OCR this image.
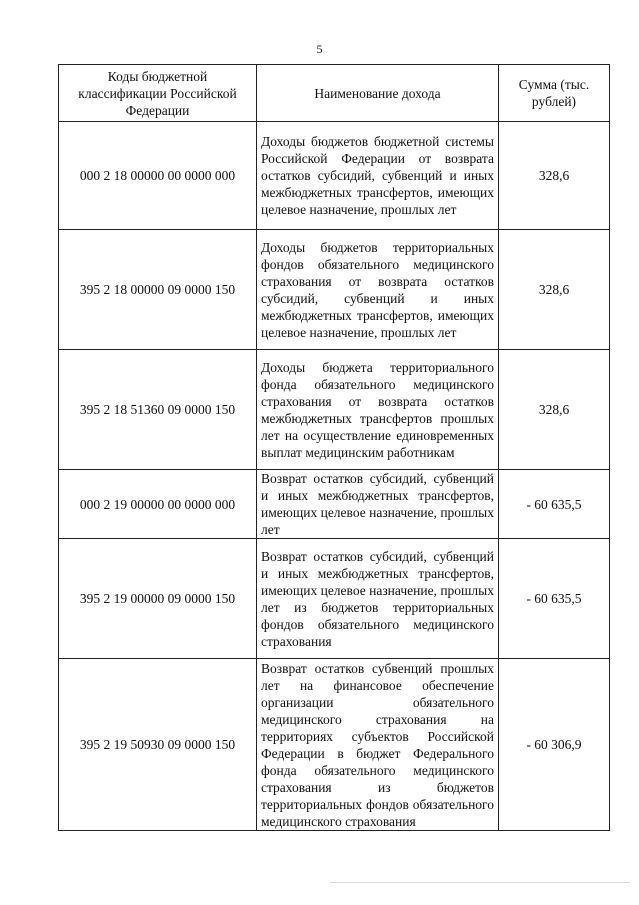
5
Коды бюджетной классификации Российской Федерации	Наименование дохода	Сумма (тыс. рублей)
000 2 18 00000 00 0000 000	Доходы бюджетов бюджетной системы Российской Федерации от возврата остатков субсидий, субвенций и иных межбюджетных трансфертов, имеющих целевое назначение, прошлых лет	328,6
395 2 18 00000 09 0000 150	Доходы бюджетов территориальных фондов обязательного медицинского страхования от возврата остатков субсидий, субвенций и иных межбюджетных трансфертов, имеющих целевое назначение, прошлых лет	328,6
395 2 18 51360 09 0000 150	Доходы бюджета территориального фонда обязательного медицинского страхования от возврата остатков межбюджетных трансфертов прошлых лет на осуществление единовременных выплат медицинским работникам	328,6
000 2 19 00000 00 0000 000	Возврат остатков субсидий, субвенций и иных межбюджетных трансфертов, имеющих целевое назначение, прошлых лет	- 60 635,5
395 2 19 00000 09 0000 150	Возврат остатков субсидий, субвенций и иных межбюджетных трансфертов, имеющих целевое назначение, прошлых лет из бюджетов территориальных фондов обязательного медицинского страхования	- 60 635,5
395 2 19 50930 09 0000 150	Возврат остатков субвенций прошлых лет на финансовое обеспечение организации обязательного медицинского страхования на территориях субъектов Российской Федерации в бюджет Федерального фонда обязательного медицинского страхования из бюджетов территориальных фондов обязательного медицинского страхования	- 60 306,9
